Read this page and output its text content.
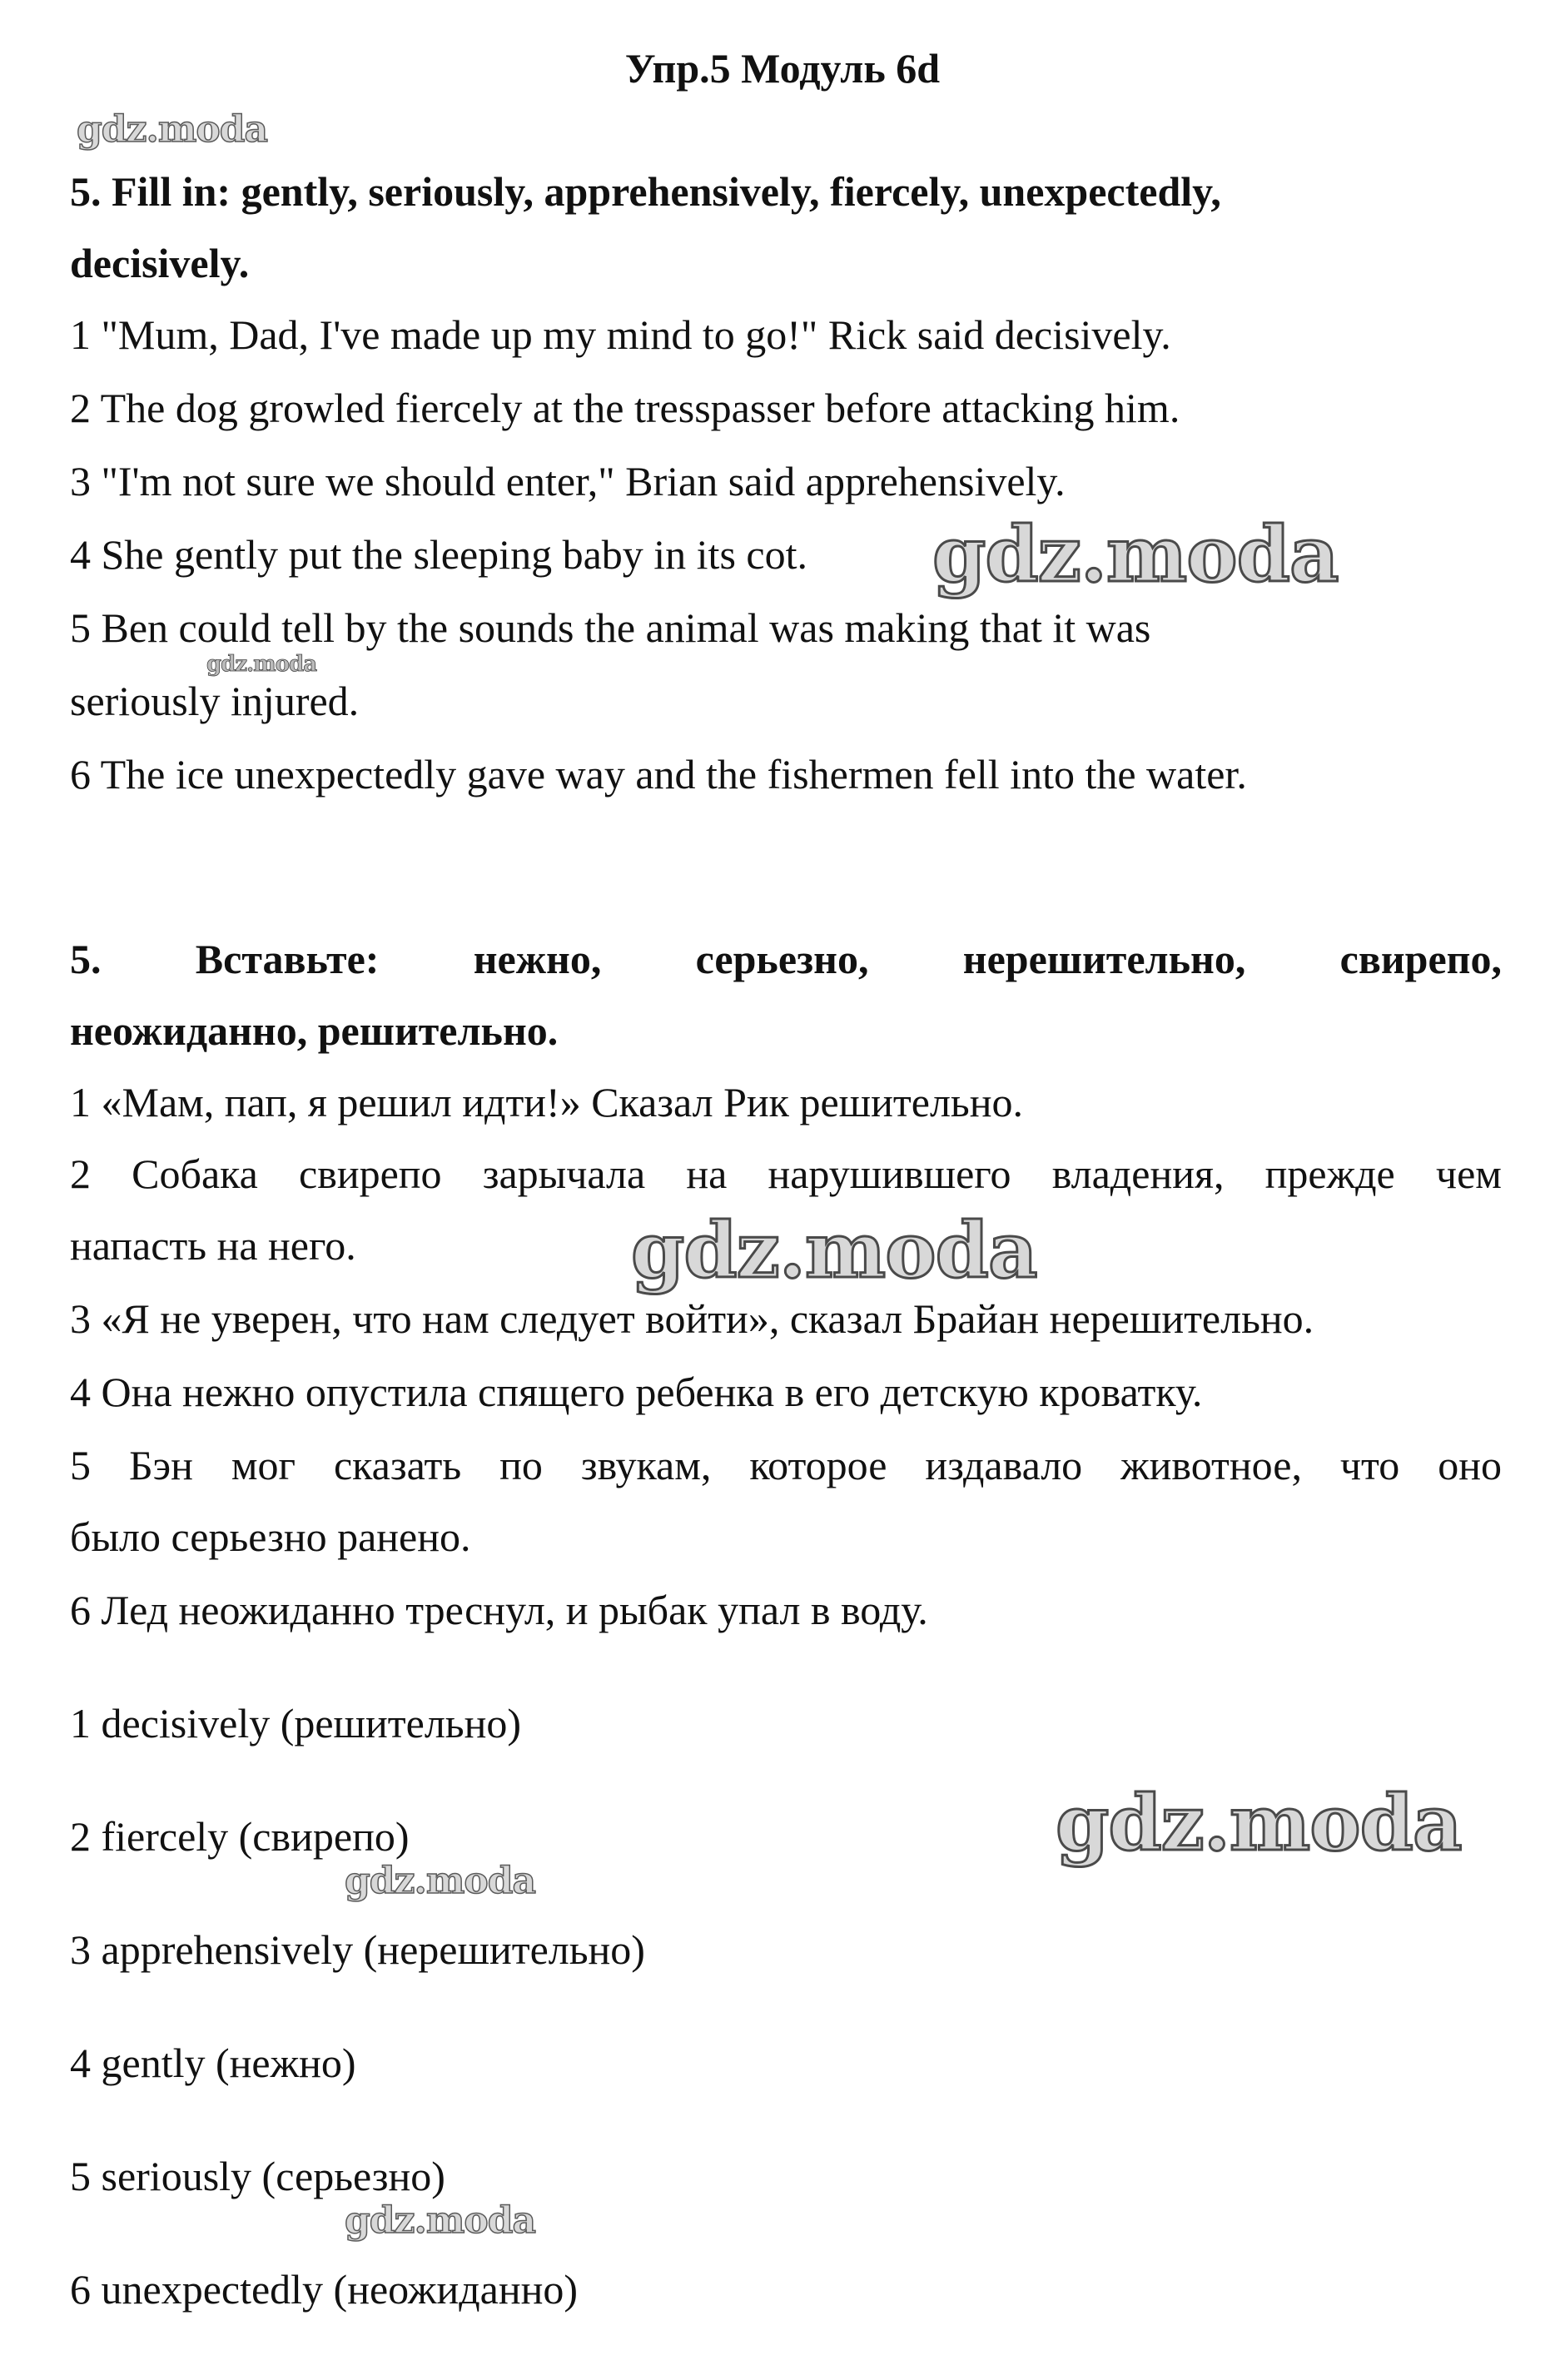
Упр.5 Модуль 6d
gdz.moda
gdz.moda
gdz.moda
gdz.moda
gdz.moda
gdz.moda
gdz.moda
5. Fill in: gently, seriously, apprehensively, fiercely, unexpectedly,
decisively.
1 "Mum, Dad, I've made up my mind to go!" Rick said decisively.
2 The dog growled fiercely at the tresspasser before attacking him.
3 "I'm not sure we should enter," Brian said apprehensively.
4 She gently put the sleeping baby in its cot.
5 Ben could tell by the sounds the animal was making that it was
seriously injured.
6 The ice unexpectedly gave way and the fishermen fell into the water.
5. Вставьте: нежно, серьезно, нерешительно, свирепо,
неожиданно, решительно.
1 «Мам, пап, я решил идти!» Сказал Рик решительно.
2 Собака свирепо зарычала на нарушившего владения, прежде чем
напасть на него.
3 «Я не уверен, что нам следует войти», сказал Брайан нерешительно.
4 Она нежно опустила спящего ребенка в его детскую кроватку.
5 Бэн мог сказать по звукам, которое издавало животное, что оно
было серьезно ранено.
6 Лед неожиданно треснул, и рыбак упал в воду.
1 decisively (решительно)
2 fiercely (свирепо)
3 apprehensively (нерешительно)
4 gently (нежно)
5 seriously (серьезно)
6 unexpectedly (неожиданно)
